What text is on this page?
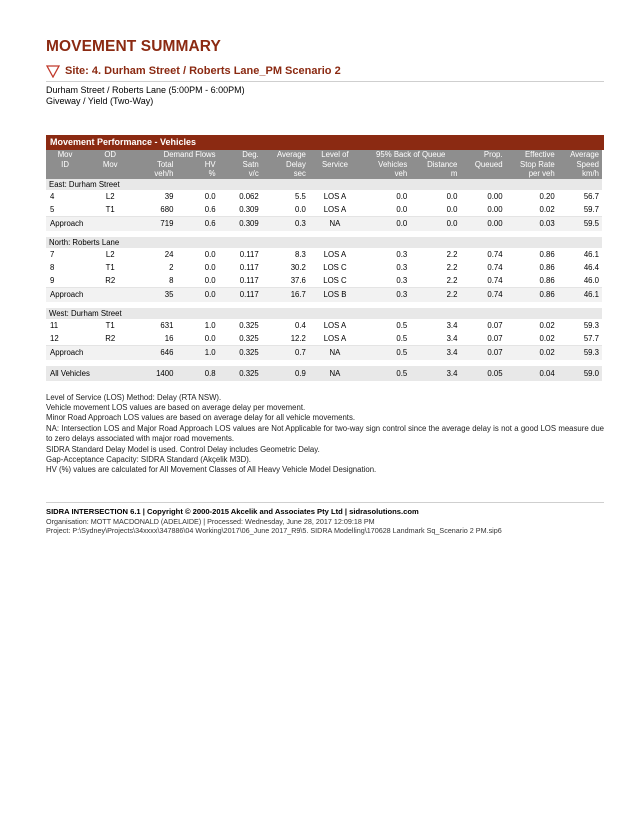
MOVEMENT SUMMARY
Site: 4. Durham Street / Roberts Lane_PM Scenario 2
Durham Street / Roberts Lane (5:00PM - 6:00PM)
Giveway / Yield (Two-Way)
Movement Performance - Vehicles
Mov	OD	Demand Flows		Deg.	Average	Level of	95% Back of Queue		Prop.	Effective	Average
ID	Mov	Total	HV	Satn	Delay	Service	Vehicles	Distance	Queued	Stop Rate	Speed
		veh/h	%	v/c	sec		veh	m		per veh	km/h
East: Durham Street											
4	L2	39	0.0	0.062	5.5	LOS A	0.0	0.0	0.00	0.20	56.7
5	T1	680	0.6	0.309	0.0	LOS A	0.0	0.0	0.00	0.02	59.7
Approach		719	0.6	0.309	0.3	NA	0.0	0.0	0.00	0.03	59.5

North: Roberts Lane											
7	L2	24	0.0	0.117	8.3	LOS A	0.3	2.2	0.74	0.86	46.1
8	T1	2	0.0	0.117	30.2	LOS C	0.3	2.2	0.74	0.86	46.4
9	R2	8	0.0	0.117	37.6	LOS C	0.3	2.2	0.74	0.86	46.0
Approach		35	0.0	0.117	16.7	LOS B	0.3	2.2	0.74	0.86	46.1

West: Durham Street											
11	T1	631	1.0	0.325	0.4	LOS A	0.5	3.4	0.07	0.02	59.3
12	R2	16	0.0	0.325	12.2	LOS A	0.5	3.4	0.07	0.02	57.7
Approach		646	1.0	0.325	0.7	NA	0.5	3.4	0.07	0.02	59.3

All Vehicles		1400	0.8	0.325	0.9	NA	0.5	3.4	0.05	0.04	59.0
Level of Service (LOS) Method: Delay (RTA NSW).
Vehicle movement LOS values are based on average delay per movement.
Minor Road Approach LOS values are based on average delay for all vehicle movements.
NA: Intersection LOS and Major Road Approach LOS values are Not Applicable for two-way sign control since the average delay is not a good LOS measure due to zero delays associated with major road movements.
SIDRA Standard Delay Model is used. Control Delay includes Geometric Delay.
Gap-Acceptance Capacity: SIDRA Standard (Akçelik M3D).
HV (%) values are calculated for All Movement Classes of All Heavy Vehicle Model Designation.
SIDRA INTERSECTION 6.1 | Copyright © 2000-2015 Akcelik and Associates Pty Ltd | sidrasolutions.com
Organisation: MOTT MACDONALD (ADELAIDE) | Processed: Wednesday, June 28, 2017 12:09:18 PM
Project: P:\Sydney\Projects\34xxxx\347886\04 Working\2017\06_June 2017_R9\5. SIDRA Modelling\170628 Landmark Sq_Scenario 2 PM.sip6
